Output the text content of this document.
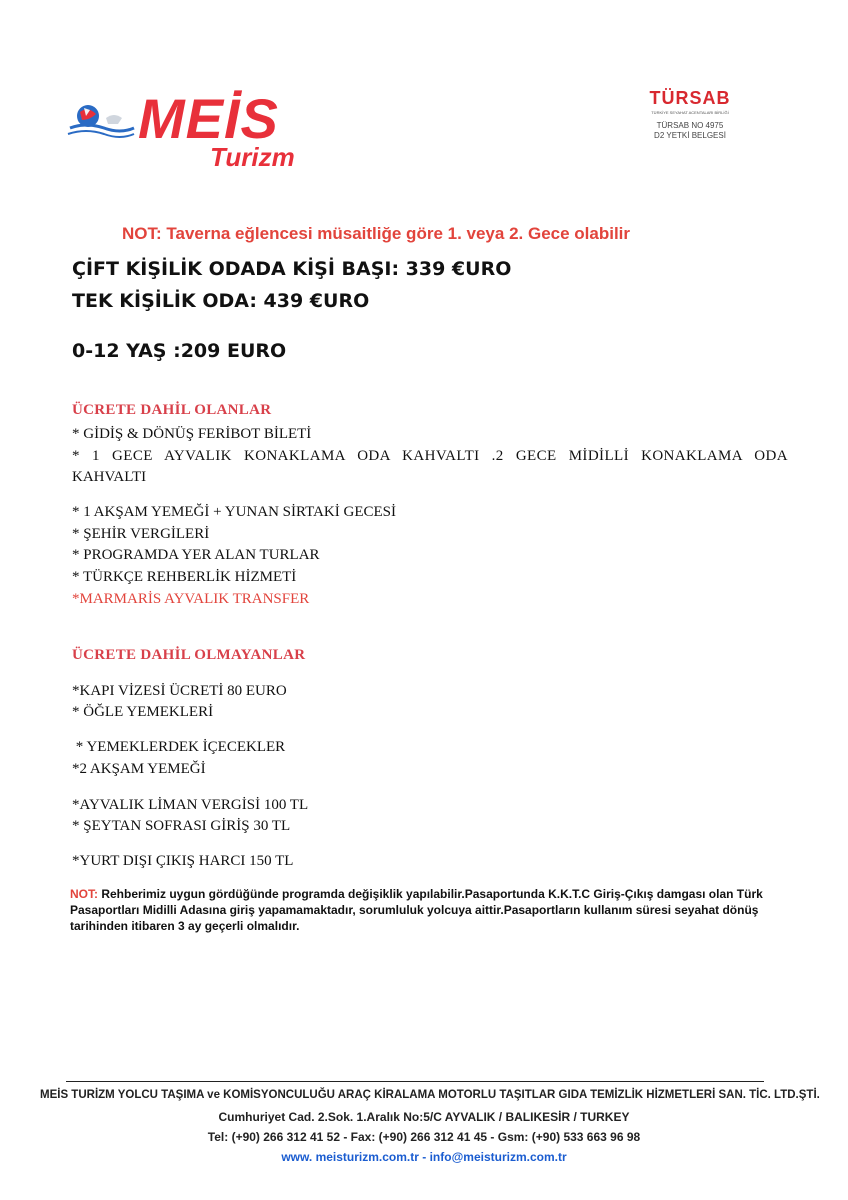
MEİS
Turizm
TÜRSAB
TÜRKİYE SEYAHAT ACENTALARI BİRLİĞİ
TÜRSAB NO 4975
D2 YETKİ BELGESİ
NOT: Taverna eğlencesi müsaitliğe göre 1. veya 2. Gece olabilir
ÇİFT KİŞİLİK ODADA KİŞİ BAŞI: 339 €URO
TEK KİŞİLİK ODA: 439 €URO
0-12 YAŞ :209 EURO
ÜCRETE DAHİL OLANLAR
* GİDİŞ & DÖNÜŞ FERİBOT BİLETİ
* 1 GECE AYVALIK KONAKLAMA ODA KAHVALTI .2 GECE MİDİLLİ KONAKLAMA ODA
KAHVALTI
* 1 AKŞAM YEMEĞİ + YUNAN SİRTAKİ GECESİ
* ŞEHİR VERGİLERİ
* PROGRAMDA YER ALAN TURLAR
* TÜRKÇE REHBERLİK HİZMETİ
*MARMARİS AYVALIK TRANSFER
ÜCRETE DAHİL OLMAYANLAR
*KAPI VİZESİ ÜCRETİ 80 EURO
* ÖĞLE YEMEKLERİ
* YEMEKLERDEK İÇECEKLER
*2 AKŞAM YEMEĞİ
*AYVALIK LİMAN VERGİSİ 100 TL
* ŞEYTAN SOFRASI GİRİŞ 30 TL
*YURT DIŞI ÇIKIŞ HARCI 150 TL
NOT: Rehberimiz uygun gördüğünde programda değişiklik yapılabilir.Pasaportunda K.K.T.C Giriş-Çıkış damgası olan Türk Pasaportları Midilli Adasına giriş yapamamaktadır, sorumluluk yolcuya aittir.Pasaportların kullanım süresi seyahat dönüş tarihinden itibaren 3 ay geçerli olmalıdır.
MEİS TURİZM YOLCU TAŞIMA ve KOMİSYONCULUĞU ARAÇ KİRALAMA MOTORLU TAŞITLAR GIDA TEMİZLİK HİZMETLERİ SAN. TİC. LTD.ŞTİ.
Cumhuriyet Cad. 2.Sok. 1.Aralık No:5/C AYVALIK / BALIKESİR / TURKEY
Tel: (+90) 266 312 41 52 - Fax: (+90) 266 312 41 45 - Gsm: (+90) 533 663 96 98
www. meisturizm.com.tr - info@meisturizm.com.tr
